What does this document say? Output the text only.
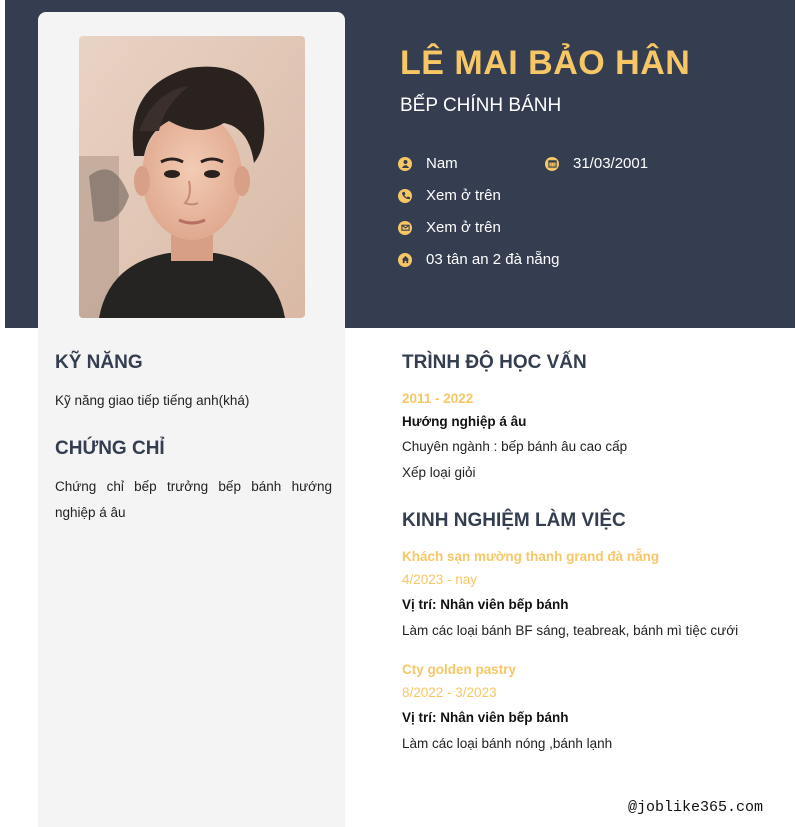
LÊ MAI BẢO HÂN
BẾP CHÍNH BÁNH
Nam	31/03/2001
Xem ở trên
Xem ở trên
03 tân an 2 đà nẵng
KỸ NĂNG
Kỹ năng giao tiếp tiếng anh(khá)
CHỨNG CHỈ
Chứng chỉ bếp trưởng bếp bánh hướng nghiệp á âu
TRÌNH ĐỘ HỌC VẤN
2011 - 2022
Hướng nghiệp á âu
Chuyên ngành : bếp bánh âu cao cấp
Xếp loại giỏi
KINH NGHIỆM LÀM VIỆC
Khách sạn mường thanh grand đà nẵng
4/2023 - nay
Vị trí: Nhân viên bếp bánh
Làm các loại bánh BF sáng, teabreak, bánh mì tiệc cưới
Cty golden pastry
8/2022 - 3/2023
Vị trí: Nhân viên bếp bánh
Làm các loại bánh nóng ,bánh lạnh
@joblike365.com
